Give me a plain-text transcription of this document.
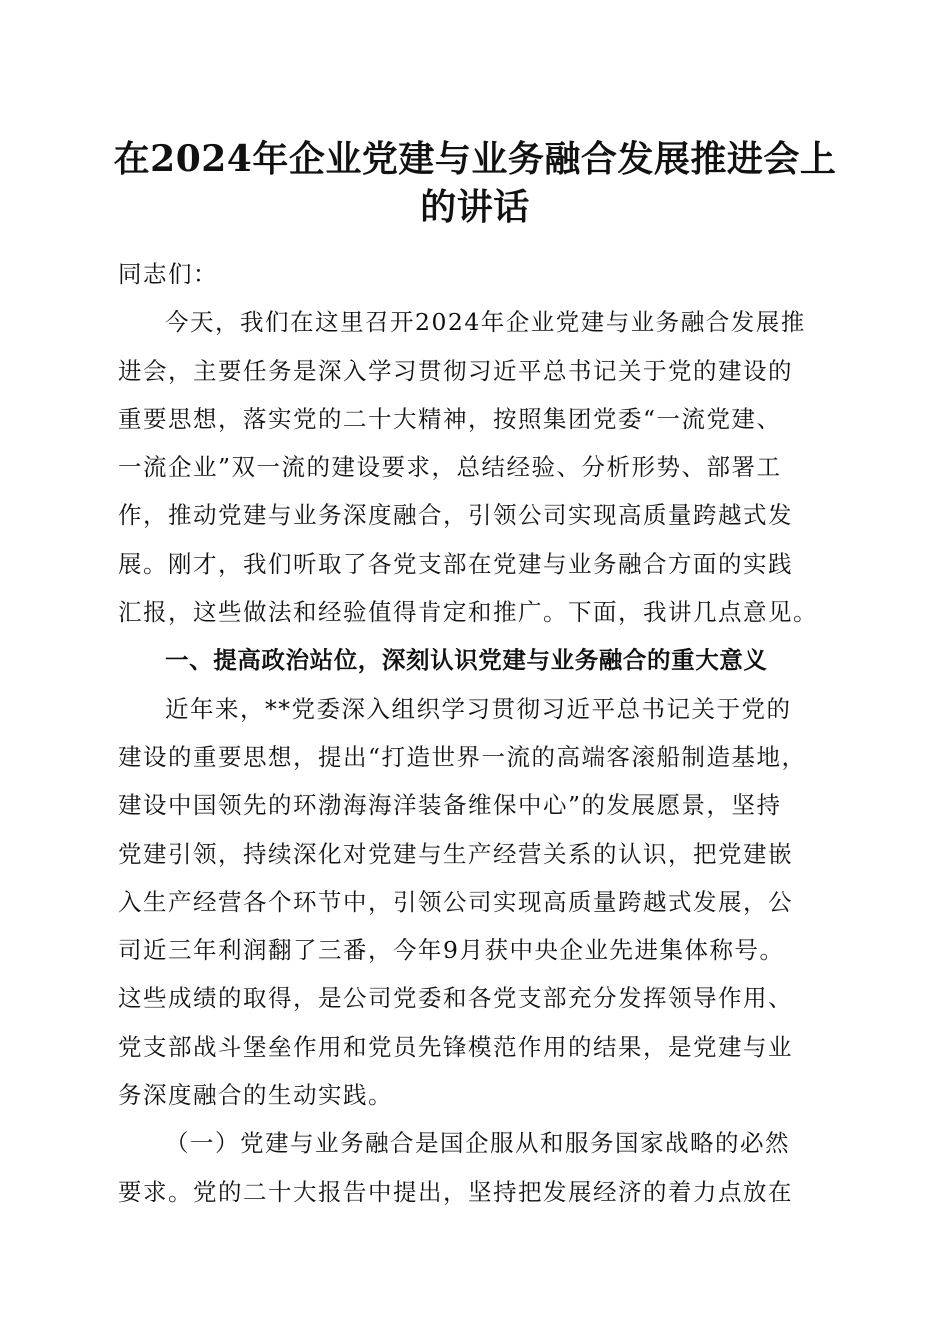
在2024年企业党建与业务融合发展推进会上
的讲话

同志们：

今天，我们在这里召开2024年企业党建与业务融合发展推
进会，主要任务是深入学习贯彻习近平总书记关于党的建设的
重要思想，落实党的二十大精神，按照集团党委“一流党建、
一流企业”双一流的建设要求，总结经验、分析形势、部署工
作，推动党建与业务深度融合，引领公司实现高质量跨越式发
展。刚才，我们听取了各党支部在党建与业务融合方面的实践
汇报，这些做法和经验值得肯定和推广。下面，我讲几点意见。

一、提高政治站位，深刻认识党建与业务融合的重大意义

近年来，**党委深入组织学习贯彻习近平总书记关于党的
建设的重要思想，提出“打造世界一流的高端客滚船制造基地，
建设中国领先的环渤海海洋装备维保中心”的发展愿景，坚持
党建引领，持续深化对党建与生产经营关系的认识，把党建嵌
入生产经营各个环节中，引领公司实现高质量跨越式发展，公
司近三年利润翻了三番，今年9月获中央企业先进集体称号。
这些成绩的取得，是公司党委和各党支部充分发挥领导作用、
党支部战斗堡垒作用和党员先锋模范作用的结果，是党建与业
务深度融合的生动实践。

（一）党建与业务融合是国企服从和服务国家战略的必然
要求。党的二十大报告中提出，坚持把发展经济的着力点放在
